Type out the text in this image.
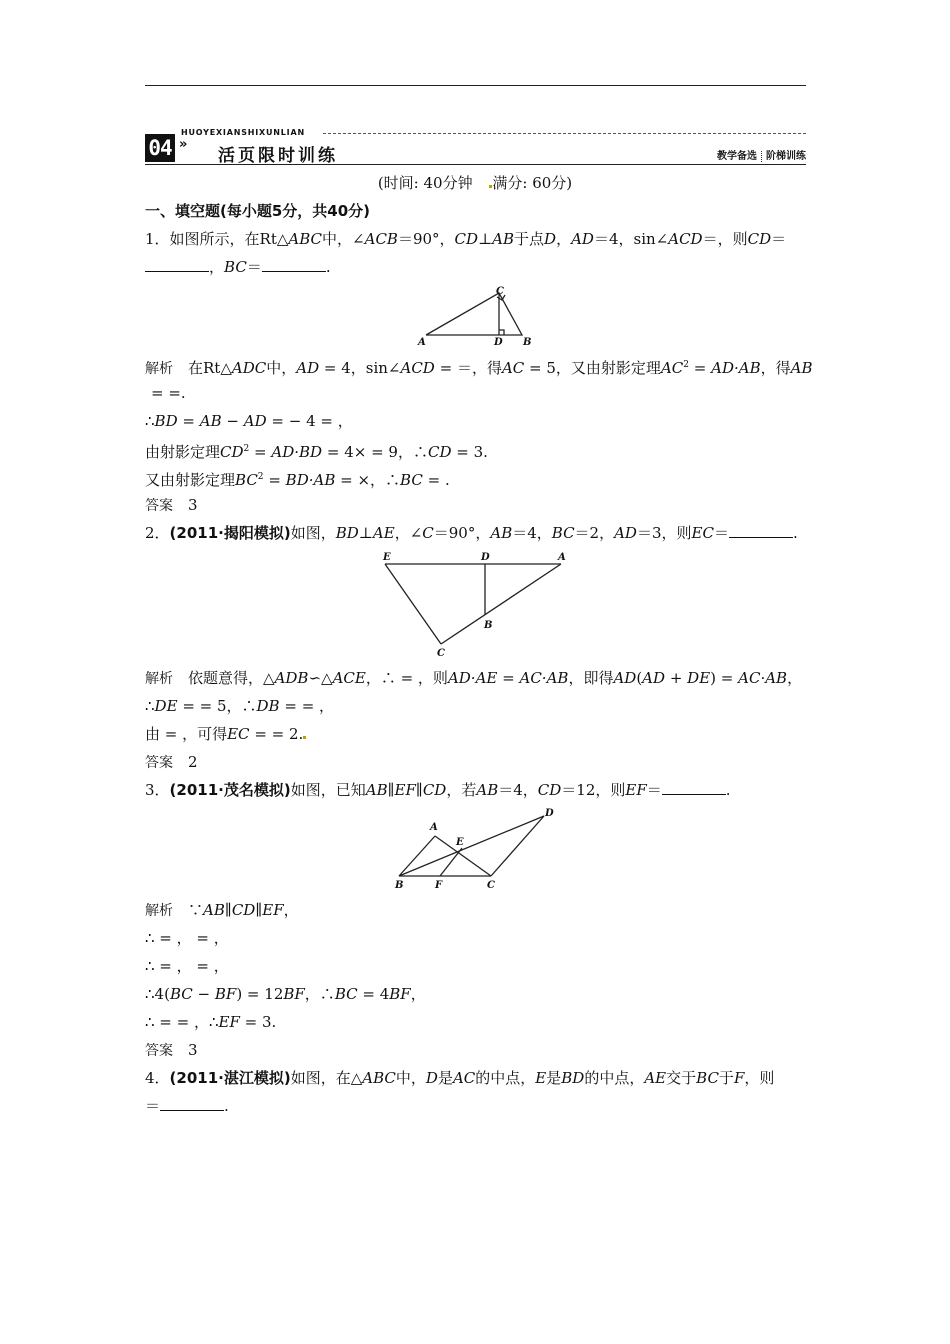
04 »
HUOYEXIANSHIXUNLIAN
活页限时训练	教学备选 阶梯训练
(时间: 40分钟 满分: 60分)
一、填空题(每小题5分，共40分)
1．如图所示，在Rt△ABC中，∠ACB＝90°，CD⊥AB于点D，AD＝4，sin∠ACD＝，则CD＝
，BC＝	.
A
C
D B
解析　 在Rt△ADC中，AD = 4，sin∠ACD = ＝，得AC = 5，又由射影定理$AC^2 = AD\cdot AB$，得AB
= =.
∴BD = AB − AD = − 4 = ，
由射影定理$CD^2 = AD\cdot BD = 4\times = 9$，∴CD = 3.
又由射影定理$BC^2 = BD\cdot AB$ = ×，∴BC = .
答案　 3
2．(2011·揭阳模拟)如图，BD⊥AE，∠C＝90°，AB＝4，BC＝2，AD＝3，则EC＝	.
E	D	A
B
C
解析　 依题意得，△ADB∽△ACE，∴ = ，则AD·AE = AC·AB，即得AD(AD + DE) = AC·AB，
∴DE = = 5，∴DB = = ，
由 = ，可得EC = = 2.
答案　 2
3．(2011·茂名模拟)如图，已知AB∥EF∥CD，若AB＝4，CD＝12，则EF＝	.
A
D
E
B	F	C
解析　 ∵AB∥CD∥EF，
∴ = ， = ，
∴ = ， = ，
∴4(BC − BF) = 12BF，∴BC = 4BF，
∴ = = ，∴EF = 3.
答案　 3
4．(2011·湛江模拟)如图，在△ABC中，D是AC的中点，E是BD的中点，AE交于BC于F，则
＝	.
